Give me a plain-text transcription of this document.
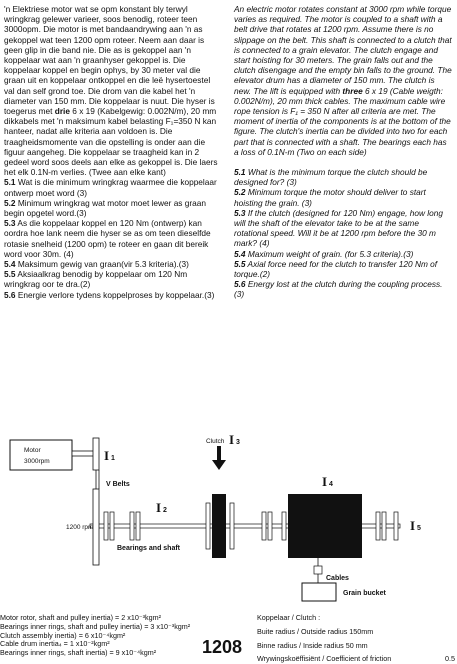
'n Elektriese motor wat se opm konstant bly terwyl wringkrag gelewer varieer, soos benodig, roteer teen 3000opm. Die motor is met bandaandrywing aan 'n as gekoppel wat teen 1200 opm roteer. Neem aan daar is geen glip in die band nie. Die as is gekoppel aan 'n koppelaar wat aan 'n graanhyser gekoppel is. Die koppelaar koppel en begin ophys, by 30 meter val die graan uit en koppelaar ontkoppel en die leë hysertoestel val dan self grond toe. Die drom van die kabel het 'n diameter van 150 mm. Die koppelaar is nuut. Die hyser is toegerus met drie 6 x 19 (Kabelgewig: 0.002N/m), 20 mm dikkabels met 'n maksimum kabel belasting F₁=350 N kan hanteer, nadat alle kriteria aan voldoen is. Die traagheidsmomente van die opstelling is onder aan die figuur aangeheg. Die koppelaar se traagheid kan in 2 gedeel word soos deels aan elke as gekoppel is. Die laers het elk 0.1N-m verlies. (Twee aan elke kant)

5.1 Wat is die minimum wringkrag waarmee die koppelaar ontwerp moet word (3)

5.2 Minimum wringkrag wat motor moet lewer as graan begin opgetel word.(3)

5.3 As die koppelaar koppel en 120 Nm (ontwerp) kan oordra hoe lank neem die hyser se as om teen dieselfde rotasie snelheid (1200 opm) te roteer en gaan dit bereik word voor 30m. (4)

5.4 Maksimum gewig van graan(vir 5.3 kriteria).(3)

5.5 Aksiaalkrag benodig by koppelaar om 120 Nm wringkrag oor te dra.(2)

5.6 Energie verlore tydens koppelproses by koppelaar.(3)

An electric motor rotates constant at 3000 rpm while torque varies as required. The motor is coupled to a shaft with a belt drive that rotates at 1200 rpm. Assume there is no slippage on the belt. This shaft is connected to a clutch that is connected to a grain elevator. The clutch engage and start hoisting for 30 meters. The grain falls out and the clutch disengage and the empty bin falls to the ground. The elevator drum has a diameter of 150 mm. The clutch is new. The lift is equipped with three 6 x 19 (Cable weigth: 0.002N/m), 20 mm thick cables. The maximum cable wire rope tension is F₁ = 350 N after all criteria are met. The moment of inertia of the components is at the bottom of the figure. The clutch's inertia can be divided into two for each part that is connected with a shaft. The bearings each has a loss of 0.1N-m (Two on each side)

5.1 What is the minimum torque the clutch should be designed for? (3)

5.2 Minimum torque the motor should deliver to start hoisting the grain. (3)

5.3 If the clutch (designed for 120 Nm) engage, how long will the shaft of the elevator take to be at the same rotational speed. Will it be at 1200 rpm before the 30 m mark? (4)

5.4 Maximum weight of grain. (for 5.3 criteria).(3)

5.5 Axial force need for the clutch to transfer 120 Nm of torque.(2)

5.6 Energy lost at the clutch during the coupling process. (3)

Motor
3000rpm	I 1
V Belts
Clutch I 3
1200 rpm
I 2
Bearings and shaft
I 4
I 5
Cables
Grain bucket

Motor rotor, shaft and pulley inertia) = 2 x10⁻³kgm²

Bearings inner rings, shaft and pulley inertia) = 3 x10⁻³kgm²

Clutch assembly inertia) = 6 x10⁻⁴kgm²

Cable drum inertia₄ = 1 x10⁻²kgm²

Bearings inner rings, shaft inertia) = 9 x10⁻⁴kgm²	1208

Koppelaar / Clutch :

Buite radius / Outside radius 150mm

Binne radius / Inside radius 50 mm

Wrywingskoëffisiënt / Coefficient of friction	0.5
